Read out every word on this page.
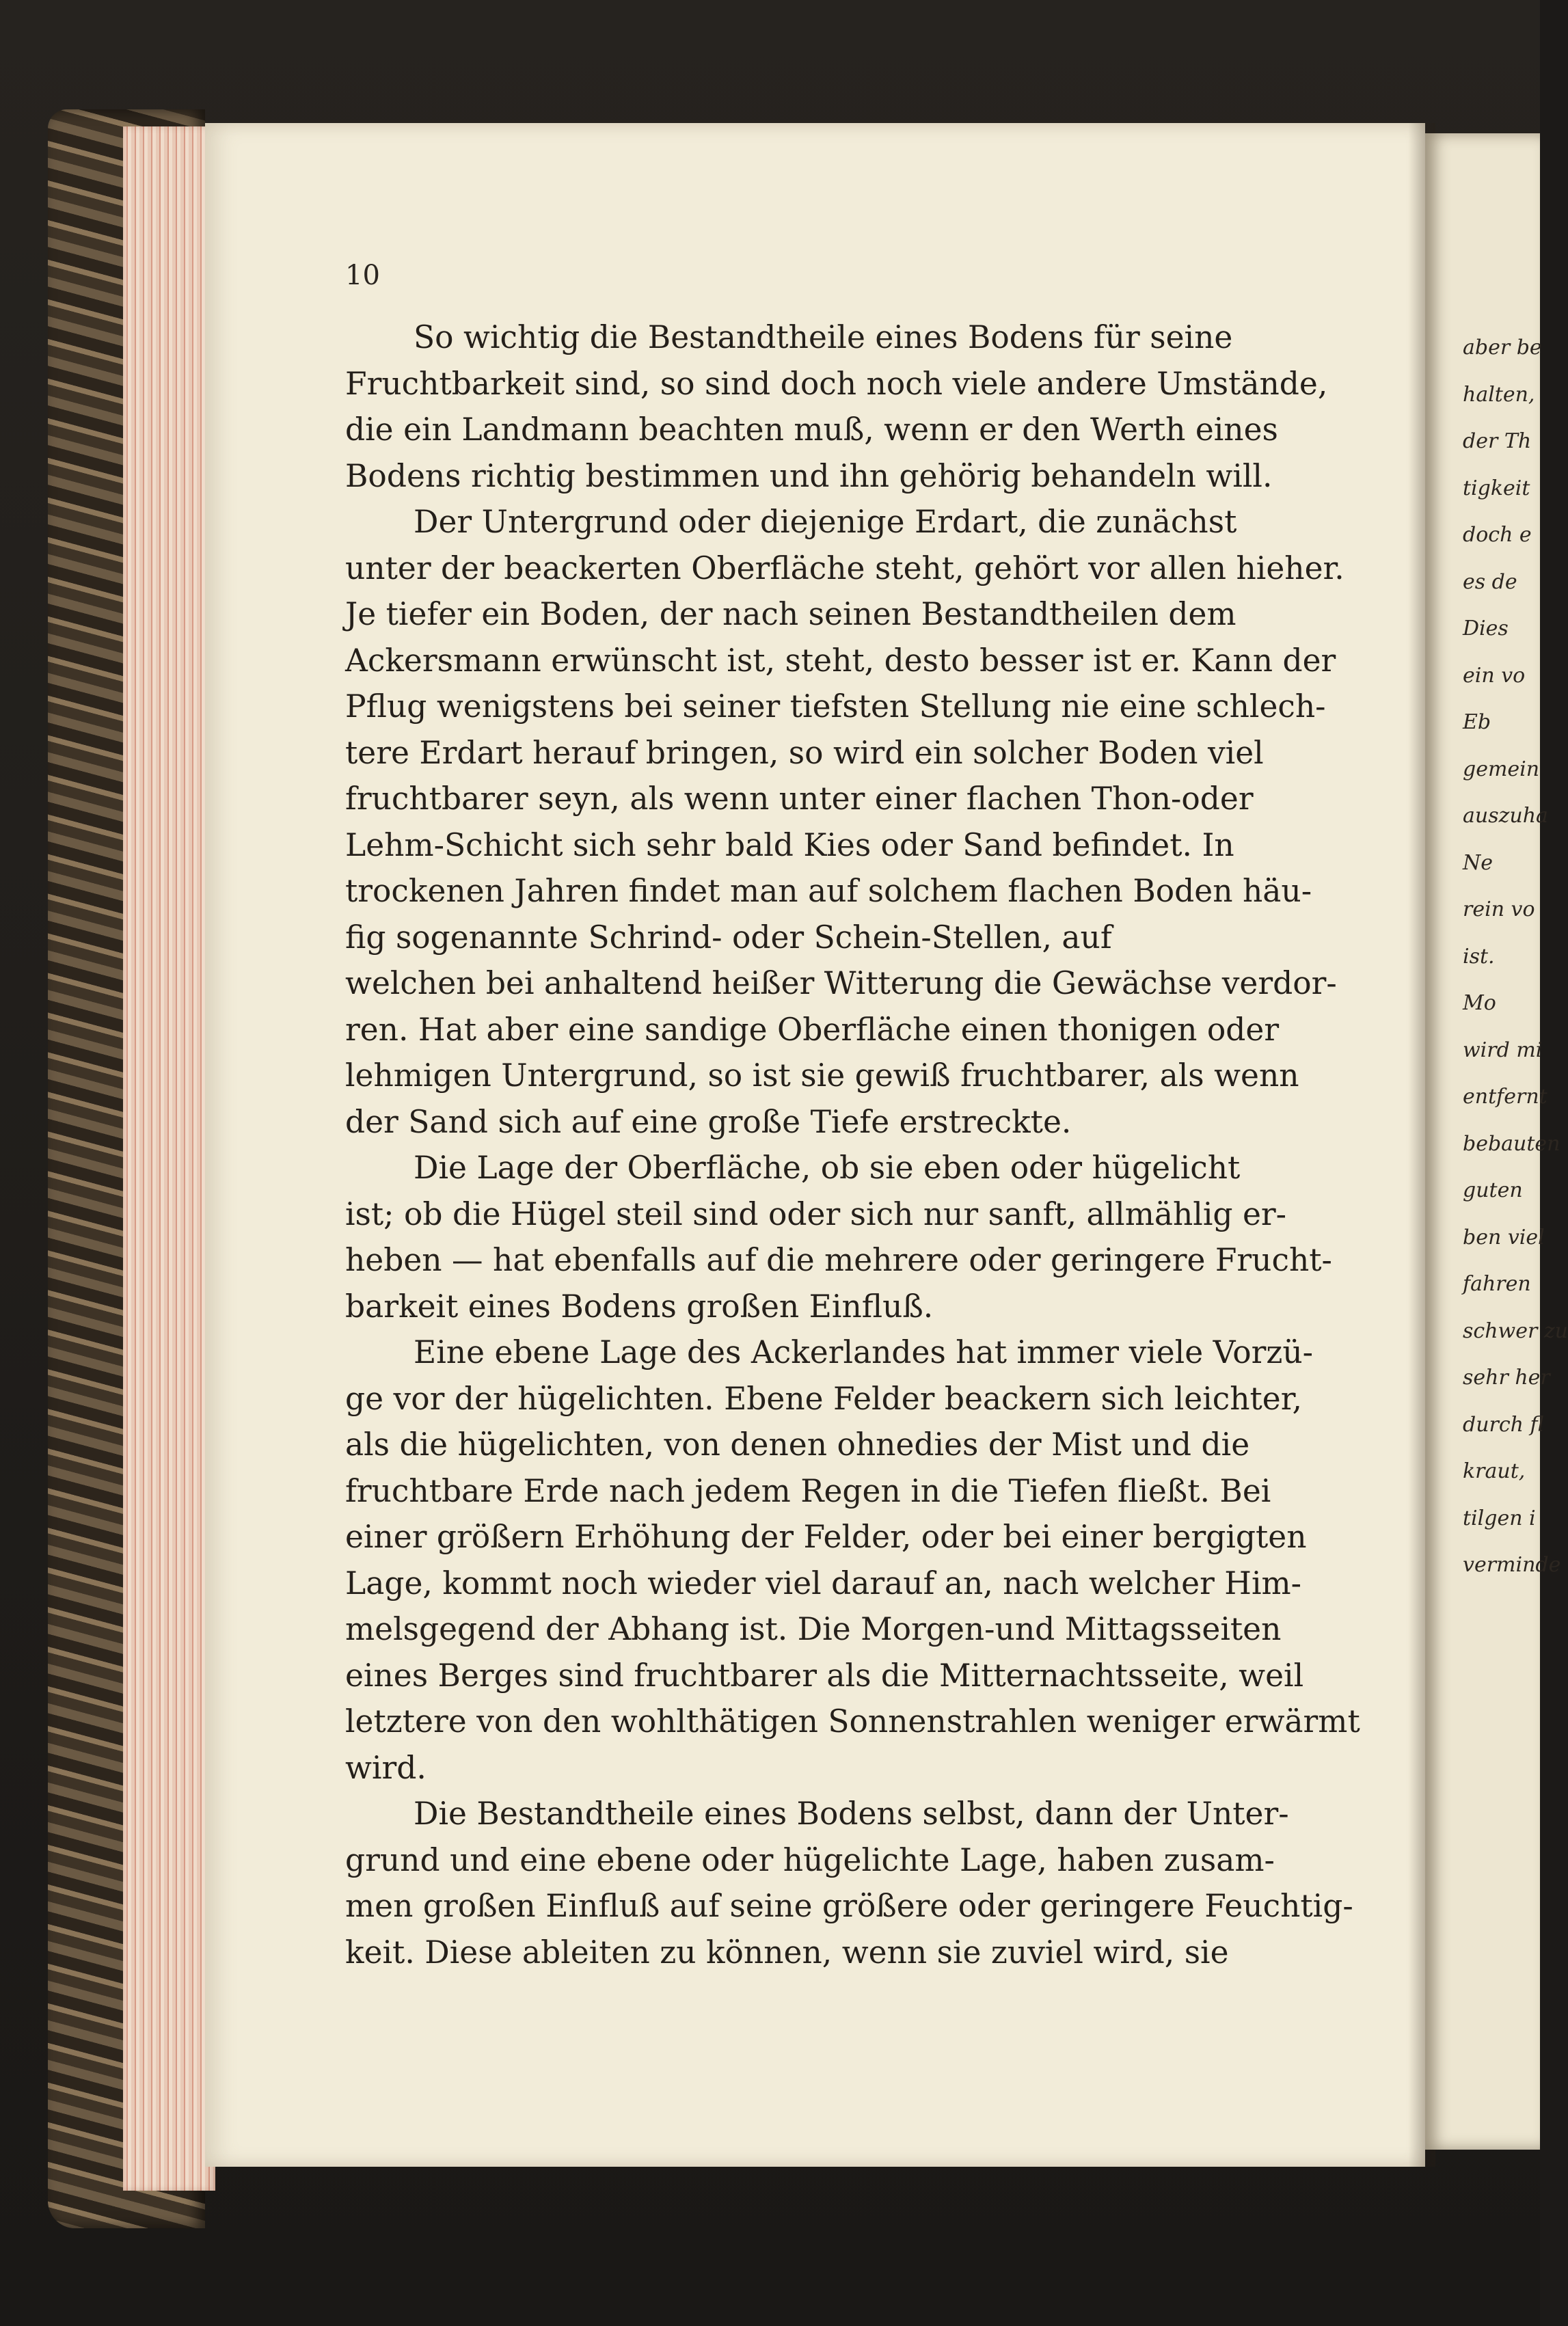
10
So wichtig die Bestandtheile eines Bodens für seine
Fruchtbarkeit sind, so sind doch noch viele andere Umstände,
die ein Landmann beachten muß, wenn er den Werth eines
Bodens richtig bestimmen und ihn gehörig behandeln will.
Der Untergrund oder diejenige Erdart, die zunächst
unter der beackerten Oberfläche steht, gehört vor allen hieher.
Je tiefer ein Boden, der nach seinen Bestandtheilen dem
Ackersmann erwünscht ist, steht, desto besser ist er. Kann der
Pflug wenigstens bei seiner tiefsten Stellung nie eine schlech-
tere Erdart herauf bringen, so wird ein solcher Boden viel
fruchtbarer seyn, als wenn unter einer flachen Thon-oder
Lehm-Schicht sich sehr bald Kies oder Sand befindet. In
trockenen Jahren findet man auf solchem flachen Boden häu-
fig sogenannte Schrind- oder Schein-Stellen, auf
welchen bei anhaltend heißer Witterung die Gewächse verdor-
ren. Hat aber eine sandige Oberfläche einen thonigen oder
lehmigen Untergrund, so ist sie gewiß fruchtbarer, als wenn
der Sand sich auf eine große Tiefe erstreckte.
Die Lage der Oberfläche, ob sie eben oder hügelicht
ist; ob die Hügel steil sind oder sich nur sanft, allmählig er-
heben — hat ebenfalls auf die mehrere oder geringere Frucht-
barkeit eines Bodens großen Einfluß.
Eine ebene Lage des Ackerlandes hat immer viele Vorzü-
ge vor der hügelichten. Ebene Felder beackern sich leichter,
als die hügelichten, von denen ohnedies der Mist und die
fruchtbare Erde nach jedem Regen in die Tiefen fließt. Bei
einer größern Erhöhung der Felder, oder bei einer bergigten
Lage, kommt noch wieder viel darauf an, nach welcher Him-
melsgegend der Abhang ist. Die Morgen-und Mittagsseiten
eines Berges sind fruchtbarer als die Mitternachtsseite, weil
letztere von den wohlthätigen Sonnenstrahlen weniger erwärmt
wird.
Die Bestandtheile eines Bodens selbst, dann der Unter-
grund und eine ebene oder hügelichte Lage, haben zusam-
men großen Einfluß auf seine größere oder geringere Feuchtig-
keit. Diese ableiten zu können, wenn sie zuviel wird, sie
aber be
halten,
der Th
tigkeit
doch e
es de
Dies
ein vo
Eb
gemein
auszuha
Ne
rein vo
ist.
Mo
wird mi
entfernt
bebauten
guten
ben viel
fahren
schwer zu
sehr her
durch fl
kraut,
tilgen i
verminde
